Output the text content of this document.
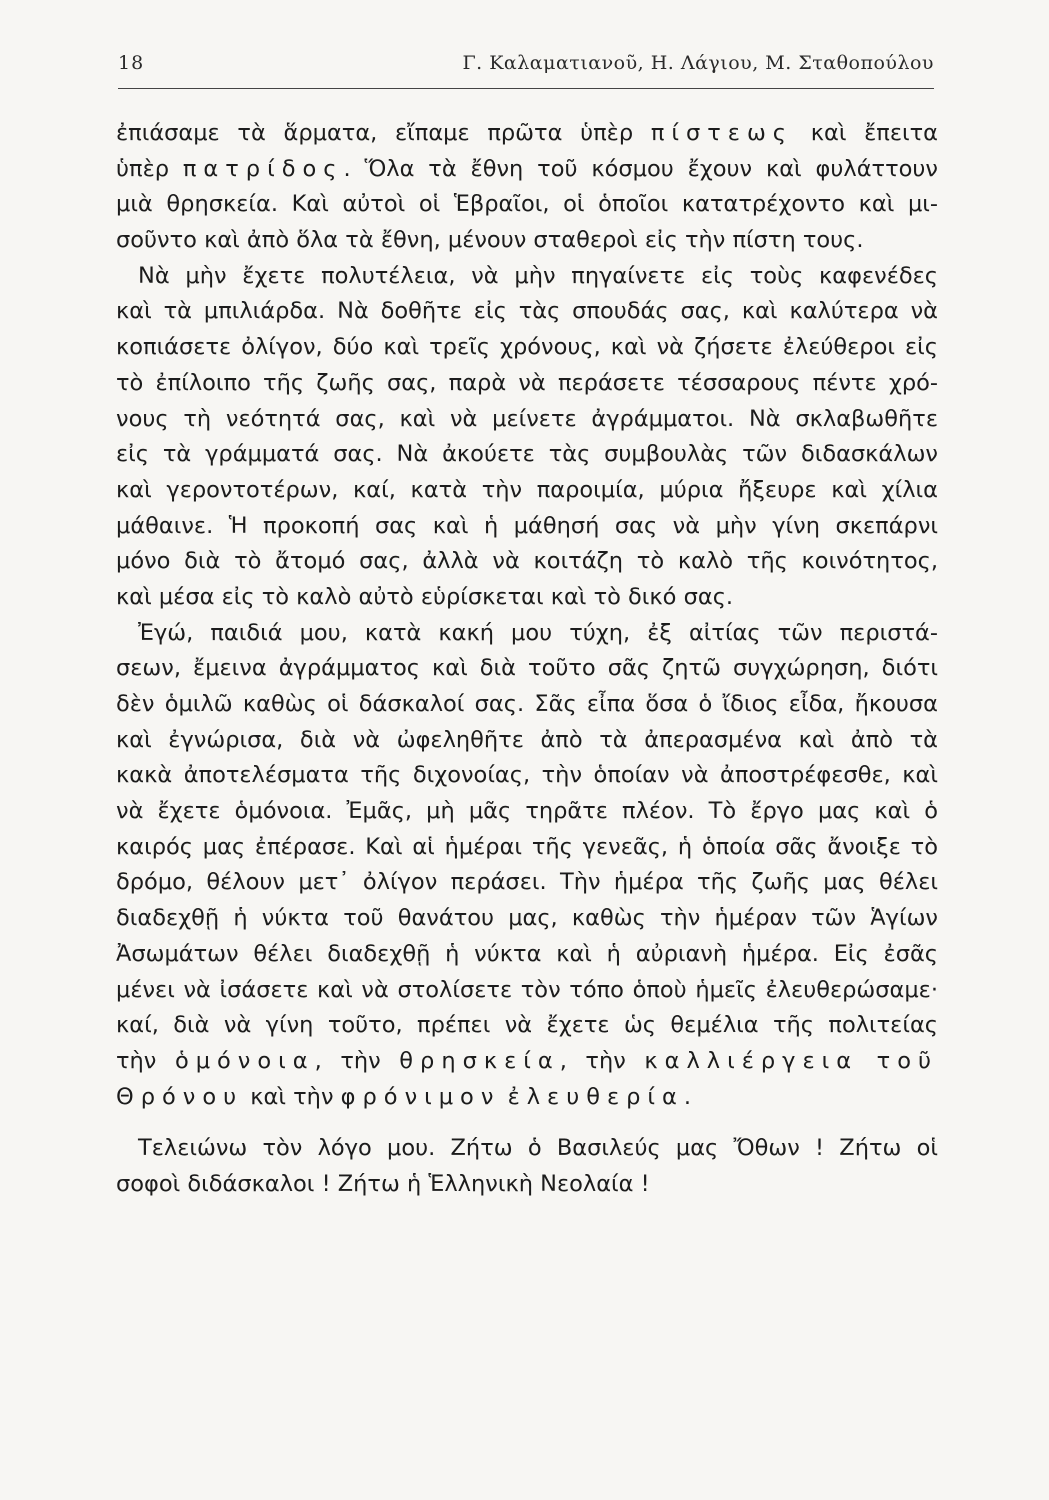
18	Γ. Καλαματιανοῦ, Η. Λάγιου, Μ. Σταθοπούλου
ἐπιάσαμε τὰ ἅρματα, εἴπαμε πρῶτα ὑπὲρ πίστεως καὶ ἔπειτα
ὑπὲρ πατρίδος. Ὅλα τὰ ἔθνη τοῦ κόσμου ἔχουν καὶ φυλάττουν
μιὰ θρησκεία. Καὶ αὐτοὶ οἱ Ἑβραῖοι, οἱ ὁποῖοι κατατρέχοντο καὶ μι-
σοῦντο καὶ ἀπὸ ὅλα τὰ ἔθνη, μένουν σταθεροὶ εἰς τὴν πίστη τους.
Νὰ μὴν ἔχετε πολυτέλεια, νὰ μὴν πηγαίνετε εἰς τοὺς καφενέδες
καὶ τὰ μπιλιάρδα. Νὰ δοθῆτε εἰς τὰς σπουδάς σας, καὶ καλύτερα νὰ
κοπιάσετε ὀλίγον, δύο καὶ τρεῖς χρόνους, καὶ νὰ ζήσετε ἐλεύθεροι εἰς
τὸ ἐπίλοιπο τῆς ζωῆς σας, παρὰ νὰ περάσετε τέσσαρους πέντε χρό-
νους τὴ νεότητά σας, καὶ νὰ μείνετε ἀγράμματοι. Νὰ σκλαβωθῆτε
εἰς τὰ γράμματά σας. Νὰ ἀκούετε τὰς συμβουλὰς τῶν διδασκάλων
καὶ γεροντοτέρων, καί, κατὰ τὴν παροιμία, μύρια ἤξευρε καὶ χίλια
μάθαινε. Ἡ προκοπή σας καὶ ἡ μάθησή σας νὰ μὴν γίνη σκεπάρνι
μόνο διὰ τὸ ἄτομό σας, ἀλλὰ νὰ κοιτάζη τὸ καλὸ τῆς κοινότητος,
καὶ μέσα εἰς τὸ καλὸ αὐτὸ εὑρίσκεται καὶ τὸ δικό σας.
Ἐγώ, παιδιά μου, κατὰ κακή μου τύχη, ἐξ αἰτίας τῶν περιστά-
σεων, ἔμεινα ἀγράμματος καὶ διὰ τοῦτο σᾶς ζητῶ συγχώρηση, διότι
δὲν ὁμιλῶ καθὼς οἱ δάσκαλοί σας. Σᾶς εἶπα ὅσα ὁ ἴδιος εἶδα, ἤκουσα
καὶ ἐγνώρισα, διὰ νὰ ὠφεληθῆτε ἀπὸ τὰ ἀπερασμένα καὶ ἀπὸ τὰ
κακὰ ἀποτελέσματα τῆς διχονοίας, τὴν ὁποίαν νὰ ἀποστρέφεσθε, καὶ
νὰ ἔχετε ὁμόνοια. Ἐμᾶς, μὴ μᾶς τηρᾶτε πλέον. Τὸ ἔργο μας καὶ ὁ
καιρός μας ἐπέρασε. Καὶ αἱ ἡμέραι τῆς γενεᾶς, ἡ ὁποία σᾶς ἄνοιξε τὸ
δρόμο, θέλουν μετ᾽ ὀλίγον περάσει. Τὴν ἡμέρα τῆς ζωῆς μας θέλει
διαδεχθῇ ἡ νύκτα τοῦ θανάτου μας, καθὼς τὴν ἡμέραν τῶν Ἁγίων
Ἀσωμάτων θέλει διαδεχθῇ ἡ νύκτα καὶ ἡ αὐριανὴ ἡμέρα. Εἰς ἐσᾶς
μένει νὰ ἰσάσετε καὶ νὰ στολίσετε τὸν τόπο ὁποὺ ἡμεῖς ἐλευθερώσαμε·
καί, διὰ νὰ γίνη τοῦτο, πρέπει νὰ ἔχετε ὡς θεμέλια τῆς πολιτείας
τὴν ὁμόνοια, τὴν θρησκεία, τὴν καλλιέργεια τοῦ
Θρόνου καὶ τὴν φρόνιμον ἐλευθερία.
Τελειώνω τὸν λόγο μου. Ζήτω ὁ Βασιλεύς μας Ὄθων ! Ζήτω οἱ
σοφοὶ διδάσκαλοι ! Ζήτω ἡ Ἑλληνικὴ Νεολαία !
